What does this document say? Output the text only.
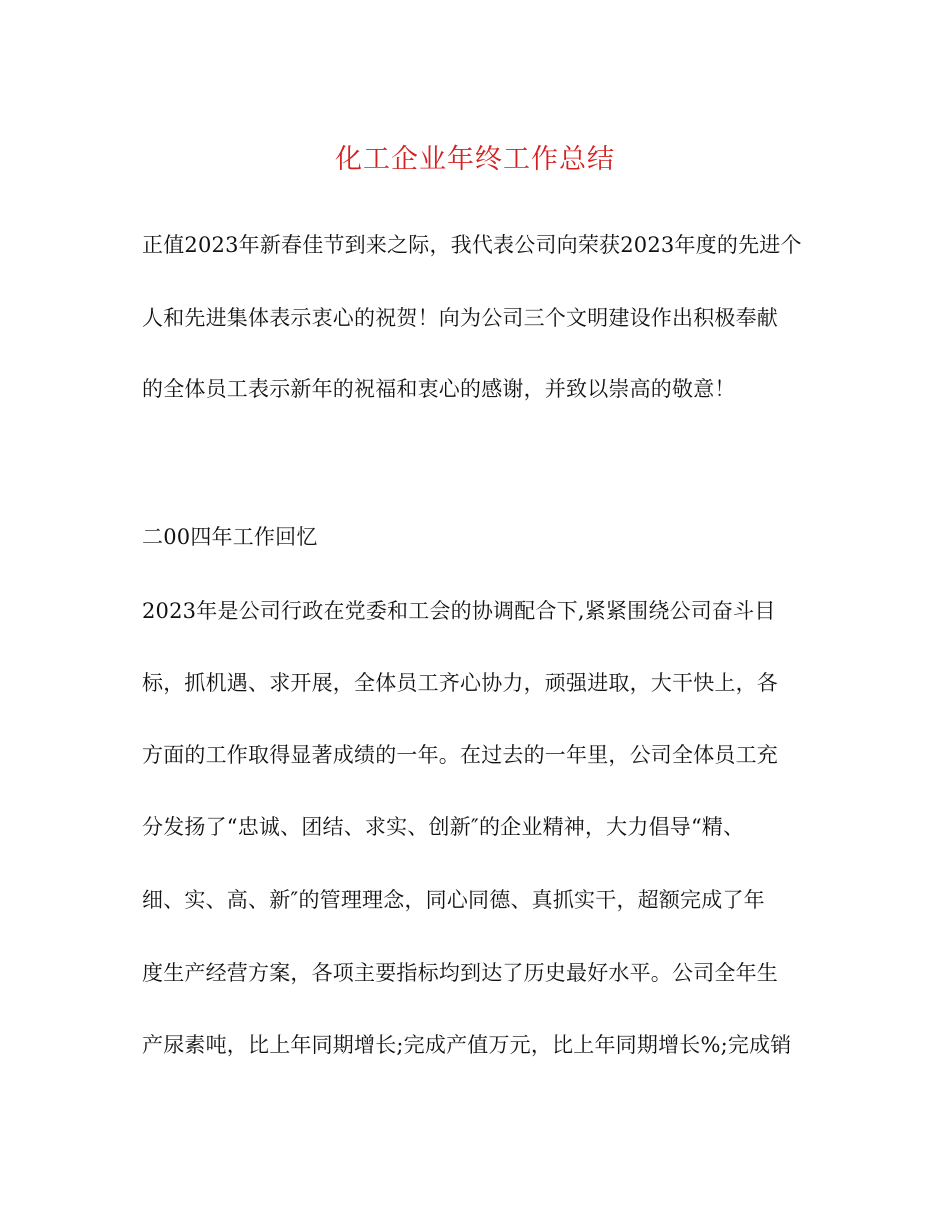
化工企业年终工作总结

正值2023年新春佳节到来之际，我代表公司向荣获2023年度的先进个

人和先进集体表示衷心的祝贺！向为公司三个文明建设作出积极奉献

的全体员工表示新年的祝福和衷心的感谢，并致以崇高的敬意！

二00四年工作回忆

2023年是公司行政在党委和工会的协调配合下,紧紧围绕公司奋斗目

标，抓机遇、求开展，全体员工齐心协力，顽强进取，大干快上，各

方面的工作取得显著成绩的一年。在过去的一年里，公司全体员工充

分发扬了“忠诚、团结、求实、创新″的企业精神，大力倡导“精、

细、实、高、新″的管理理念，同心同德、真抓实干，超额完成了年

度生产经营方案，各项主要指标均到达了历史最好水平。公司全年生

产尿素吨，比上年同期增长;完成产值万元，比上年同期增长%;完成销
